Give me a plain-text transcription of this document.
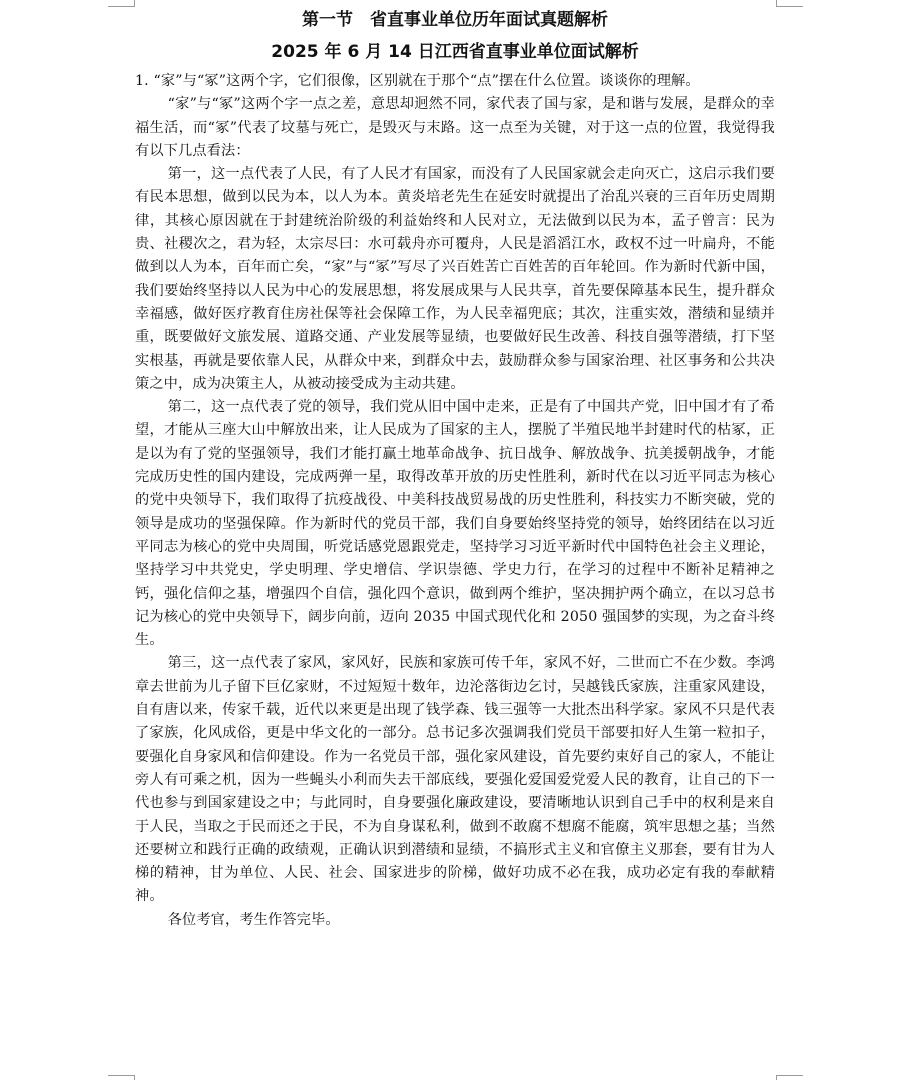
第一节　省直事业单位历年面试真题解析
2025 年 6 月 14 日江西省直事业单位面试解析

1. “家”与“冢”这两个字，它们很像，区别就在于那个“点”摆在什么位置。谈谈你的理解。

“家”与“冢”这两个字一点之差，意思却迥然不同，家代表了国与家，是和谐与发展，是群众的幸福生活，而“冢”代表了坟墓与死亡，是毁灭与末路。这一点至为关键，对于这一点的位置，我觉得我有以下几点看法：

第一，这一点代表了人民，有了人民才有国家，而没有了人民国家就会走向灭亡，这启示我们要有民本思想，做到以民为本，以人为本。黄炎培老先生在延安时就提出了治乱兴衰的三百年历史周期律，其核心原因就在于封建统治阶级的利益始终和人民对立，无法做到以民为本，孟子曾言：民为贵、社稷次之，君为轻，太宗尽曰：水可载舟亦可覆舟，人民是滔滔江水，政权不过一叶扁舟，不能做到以人为本，百年而亡矣，“家”与“冢”写尽了兴百姓苦亡百姓苦的百年轮回。作为新时代新中国，我们要始终坚持以人民为中心的发展思想，将发展成果与人民共享，首先要保障基本民生，提升群众幸福感，做好医疗教育住房社保等社会保障工作，为人民幸福兜底；其次，注重实效，潜绩和显绩并重，既要做好文旅发展、道路交通、产业发展等显绩，也要做好民生改善、科技自强等潜绩，打下坚实根基，再就是要依靠人民，从群众中来，到群众中去，鼓励群众参与国家治理、社区事务和公共决策之中，成为决策主人，从被动接受成为主动共建。

第二，这一点代表了党的领导，我们党从旧中国中走来，正是有了中国共产党，旧中国才有了希望，才能从三座大山中解放出来，让人民成为了国家的主人，摆脱了半殖民地半封建时代的枯冢，正是以为有了党的坚强领导，我们才能打赢土地革命战争、抗日战争、解放战争、抗美援朝战争，才能完成历史性的国内建设，完成两弹一星，取得改革开放的历史性胜利，新时代在以习近平同志为核心的党中央领导下，我们取得了抗疫战役、中美科技战贸易战的历史性胜利，科技实力不断突破，党的领导是成功的坚强保障。作为新时代的党员干部，我们自身要始终坚持党的领导，始终团结在以习近平同志为核心的党中央周围，听党话感党恩跟党走，坚持学习习近平新时代中国特色社会主义理论，坚持学习中共党史，学史明理、学史增信、学识崇德、学史力行，在学习的过程中不断补足精神之钙，强化信仰之基，增强四个自信，强化四个意识，做到两个维护，坚决拥护两个确立，在以习总书记为核心的党中央领导下，阔步向前，迈向 2035 中国式现代化和 2050 强国梦的实现，为之奋斗终生。

第三，这一点代表了家风，家风好，民族和家族可传千年，家风不好，二世而亡不在少数。李鸿章去世前为儿子留下巨亿家财，不过短短十数年，边沦落街边乞讨，吴越钱氏家族，注重家风建设，自有唐以来，传家千载，近代以来更是出现了钱学森、钱三强等一大批杰出科学家。家风不只是代表了家族，化风成俗，更是中华文化的一部分。总书记多次强调我们党员干部要扣好人生第一粒扣子，要强化自身家风和信仰建设。作为一名党员干部，强化家风建设，首先要约束好自己的家人，不能让旁人有可乘之机，因为一些蝇头小利而失去干部底线，要强化爱国爱党爱人民的教育，让自己的下一代也参与到国家建设之中；与此同时，自身要强化廉政建设，要清晰地认识到自己手中的权利是来自于人民，当取之于民而还之于民，不为自身谋私利，做到不敢腐不想腐不能腐，筑牢思想之基；当然还要树立和践行正确的政绩观，正确认识到潜绩和显绩，不搞形式主义和官僚主义那套，要有甘为人梯的精神，甘为单位、人民、社会、国家进步的阶梯，做好功成不必在我，成功必定有我的奉献精神。

各位考官，考生作答完毕。
